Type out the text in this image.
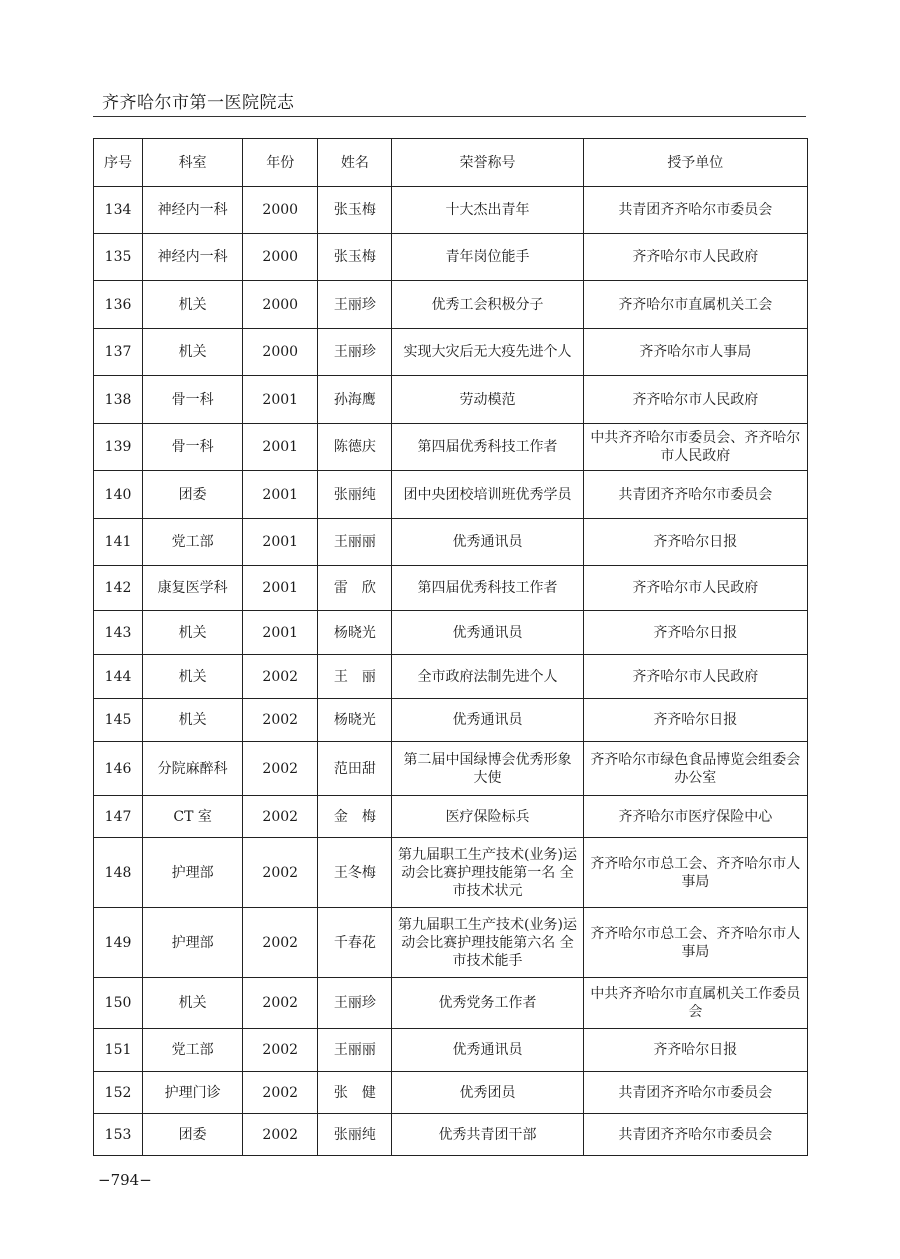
齐齐哈尔市第一医院院志
序号	科室	年份	姓名	荣誉称号	授予单位
134	神经内一科	2000	张玉梅	十大杰出青年	共青团齐齐哈尔市委员会
135	神经内一科	2000	张玉梅	青年岗位能手	齐齐哈尔市人民政府
136	机关	2000	王丽珍	优秀工会积极分子	齐齐哈尔市直属机关工会
137	机关	2000	王丽珍	实现大灾后无大疫先进个人	齐齐哈尔市人事局
138	骨一科	2001	孙海鹰	劳动模范	齐齐哈尔市人民政府
139	骨一科	2001	陈德庆	第四届优秀科技工作者	中共齐齐哈尔市委员会、齐齐哈尔市人民政府
140	团委	2001	张丽纯	团中央团校培训班优秀学员	共青团齐齐哈尔市委员会
141	党工部	2001	王丽丽	优秀通讯员	齐齐哈尔日报
142	康复医学科	2001	雷　欣	第四届优秀科技工作者	齐齐哈尔市人民政府
143	机关	2001	杨晓光	优秀通讯员	齐齐哈尔日报
144	机关	2002	王　丽	全市政府法制先进个人	齐齐哈尔市人民政府
145	机关	2002	杨晓光	优秀通讯员	齐齐哈尔日报
146	分院麻醉科	2002	范田甜	第二届中国绿博会优秀形象大使	齐齐哈尔市绿色食品博览会组委会办公室
147	CT 室	2002	金　梅	医疗保险标兵	齐齐哈尔市医疗保险中心
148	护理部	2002	王冬梅	第九届职工生产技术(业务)运动会比赛护理技能第一名 全市技术状元	齐齐哈尔市总工会、齐齐哈尔市人事局
149	护理部	2002	千春花	第九届职工生产技术(业务)运动会比赛护理技能第六名 全市技术能手	齐齐哈尔市总工会、齐齐哈尔市人事局
150	机关	2002	王丽珍	优秀党务工作者	中共齐齐哈尔市直属机关工作委员会
151	党工部	2002	王丽丽	优秀通讯员	齐齐哈尔日报
152	护理门诊	2002	张　健	优秀团员	共青团齐齐哈尔市委员会
153	团委	2002	张丽纯	优秀共青团干部	共青团齐齐哈尔市委员会
−794−
